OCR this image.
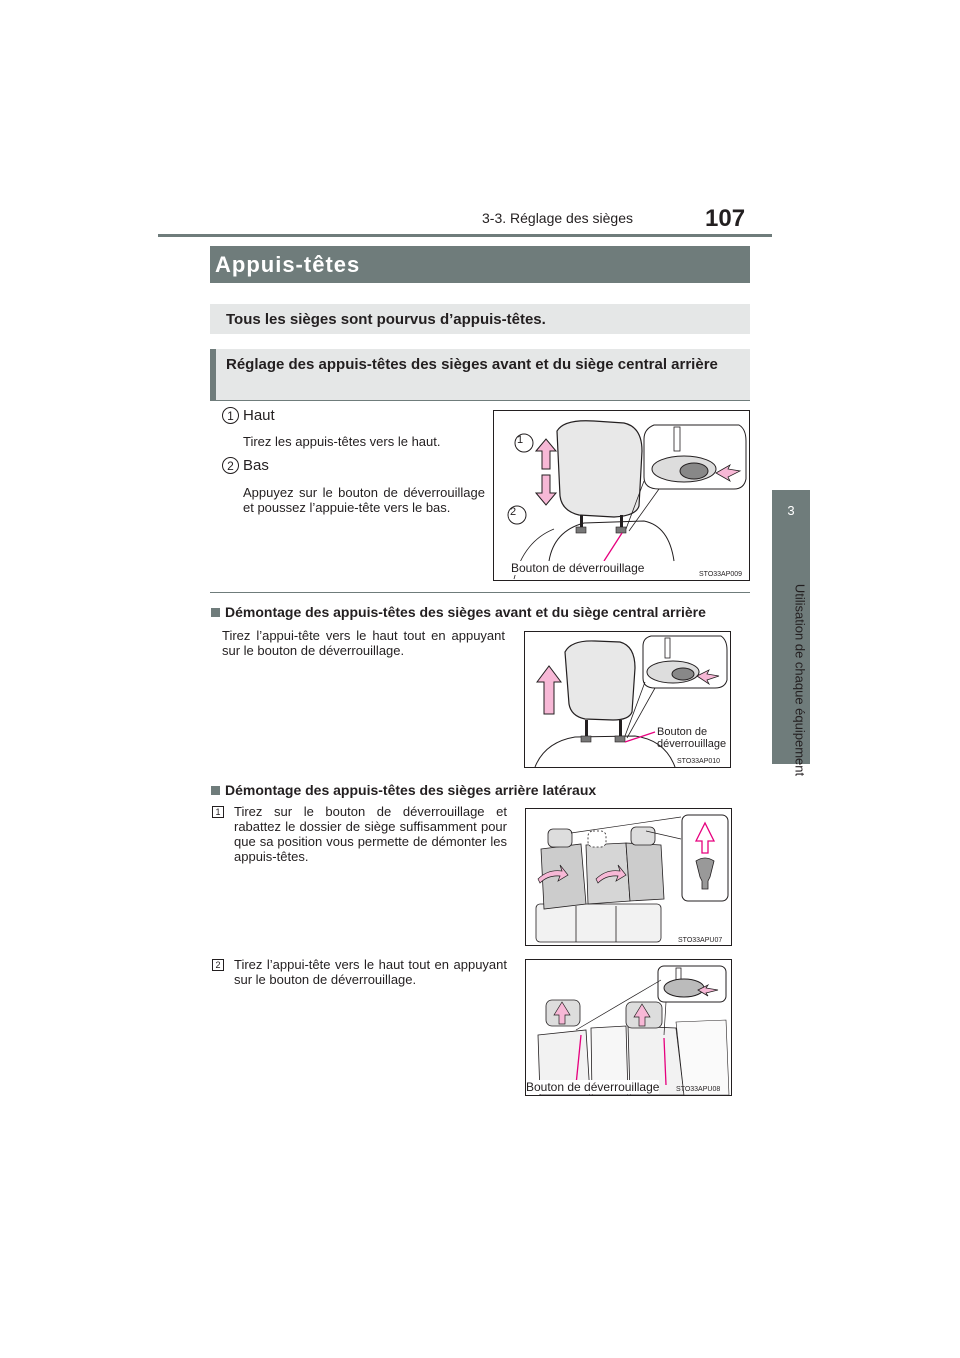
3-3. Réglage des sièges	107
3
Utilisation de chaque équipement
Appuis-têtes
Tous les sièges sont pourvus d’appuis-têtes.
Réglage des appuis-têtes des sièges avant et du siège central arrière
1 Haut
Tirez les appuis-têtes vers le haut.
2 Bas
Appuyez sur le bouton de déverrouillage et poussez l’appuie-tête vers le bas.
1
2
Bouton de déverrouillage	STO33AP009
Démontage des appuis-têtes des sièges avant et du siège central arrière
Tirez l’appui-tête vers le haut tout en appuyant sur le bouton de déverrouillage.
Bouton de
déverrouillage
STO33AP010
Démontage des appuis-têtes des sièges arrière latéraux
1 Tirez sur le bouton de déverrouillage et rabattez le dossier de siège suffisamment pour que sa position vous permette de démonter les appuis-têtes.
STO33APU07
2 Tirez l’appui-tête vers le haut tout en appuyant sur le bouton de déverrouillage.
Bouton de déverrouillage STO33APU08
